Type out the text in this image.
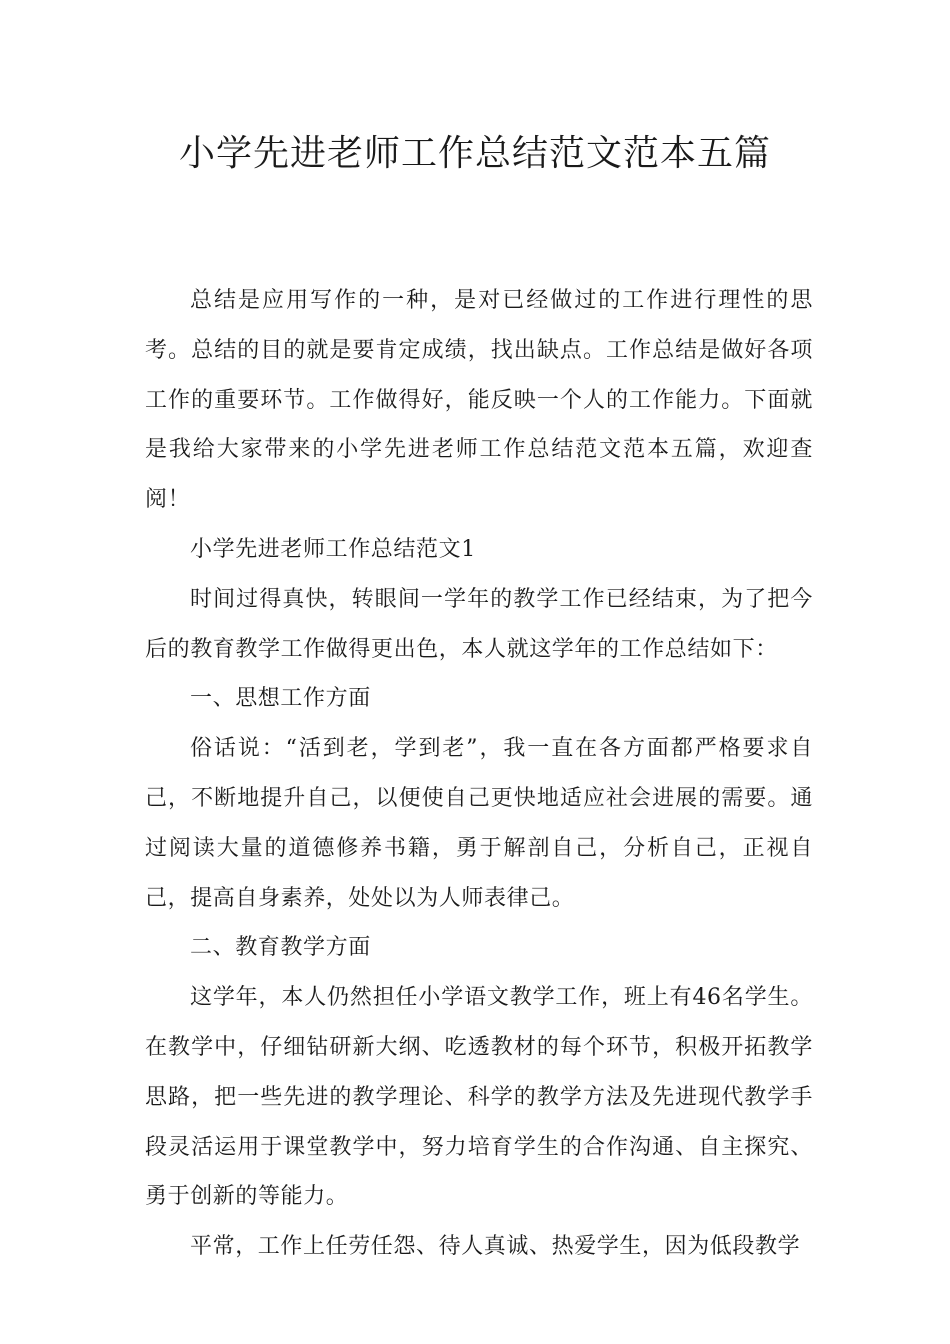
小学先进老师工作总结范文范本五篇

总结是应用写作的一种，是对已经做过的工作进行理性的思考。总结的目的就是要肯定成绩，找出缺点。工作总结是做好各项工作的重要环节。工作做得好，能反映一个人的工作能力。下面就是我给大家带来的小学先进老师工作总结范文范本五篇，欢迎查阅！

小学先进老师工作总结范文1

时间过得真快，转眼间一学年的教学工作已经结束，为了把今后的教育教学工作做得更出色，本人就这学年的工作总结如下：

一、思想工作方面

俗话说：“活到老，学到老”，我一直在各方面都严格要求自己，不断地提升自己，以便使自己更快地适应社会进展的需要。通过阅读大量的道德修养书籍，勇于解剖自己，分析自己，正视自己，提高自身素养，处处以为人师表律己。

二、教育教学方面

这学年，本人仍然担任小学语文教学工作，班上有46名学生。在教学中，仔细钻研新大纲、吃透教材的每个环节，积极开拓教学思路，把一些先进的教学理论、科学的教学方法及先进现代教学手段灵活运用于课堂教学中，努力培育学生的合作沟通、自主探究、勇于创新的等能力。

平常，工作上任劳任怨、待人真诚、热爱学生，因为低段教学
